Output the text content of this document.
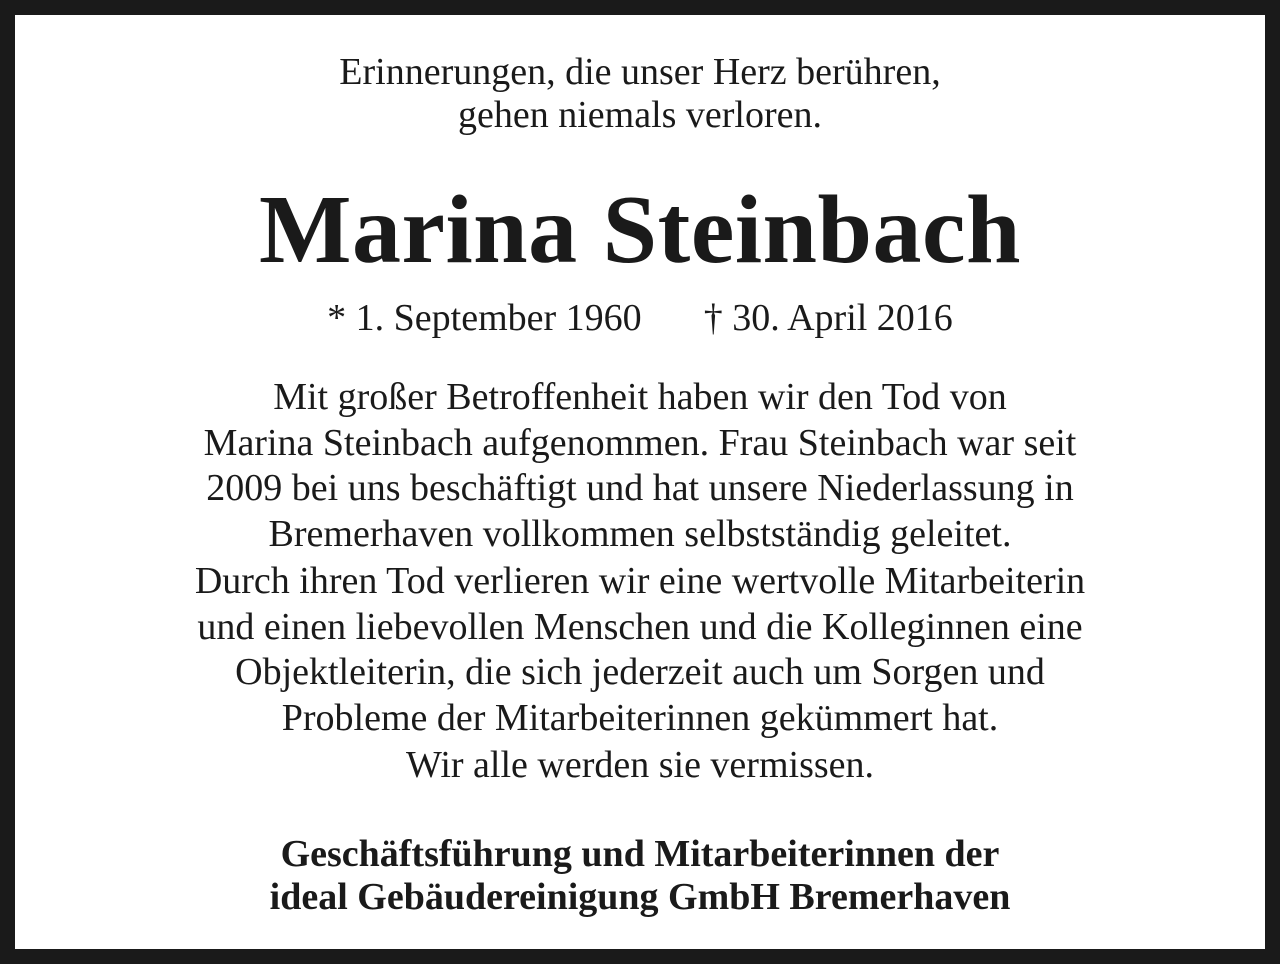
Erinnerungen, die unser Herz berühren,
gehen niemals verloren.
Marina Steinbach
* 1. September 1960 † 30. April 2016

Mit großer Betroffenheit haben wir den Tod von
Marina Steinbach aufgenommen. Frau Steinbach war seit
2009 bei uns beschäftigt und hat unsere Niederlassung in
Bremerhaven vollkommen selbstständig geleitet.

Durch ihren Tod verlieren wir eine wertvolle Mitarbeiterin
und einen liebevollen Menschen und die Kolleginnen eine
Objektleiterin, die sich jederzeit auch um Sorgen und
Probleme der Mitarbeiterinnen gekümmert hat.

Wir alle werden sie vermissen.

Geschäftsführung und Mitarbeiterinnen der
ideal Gebäudereinigung GmbH Bremerhaven
